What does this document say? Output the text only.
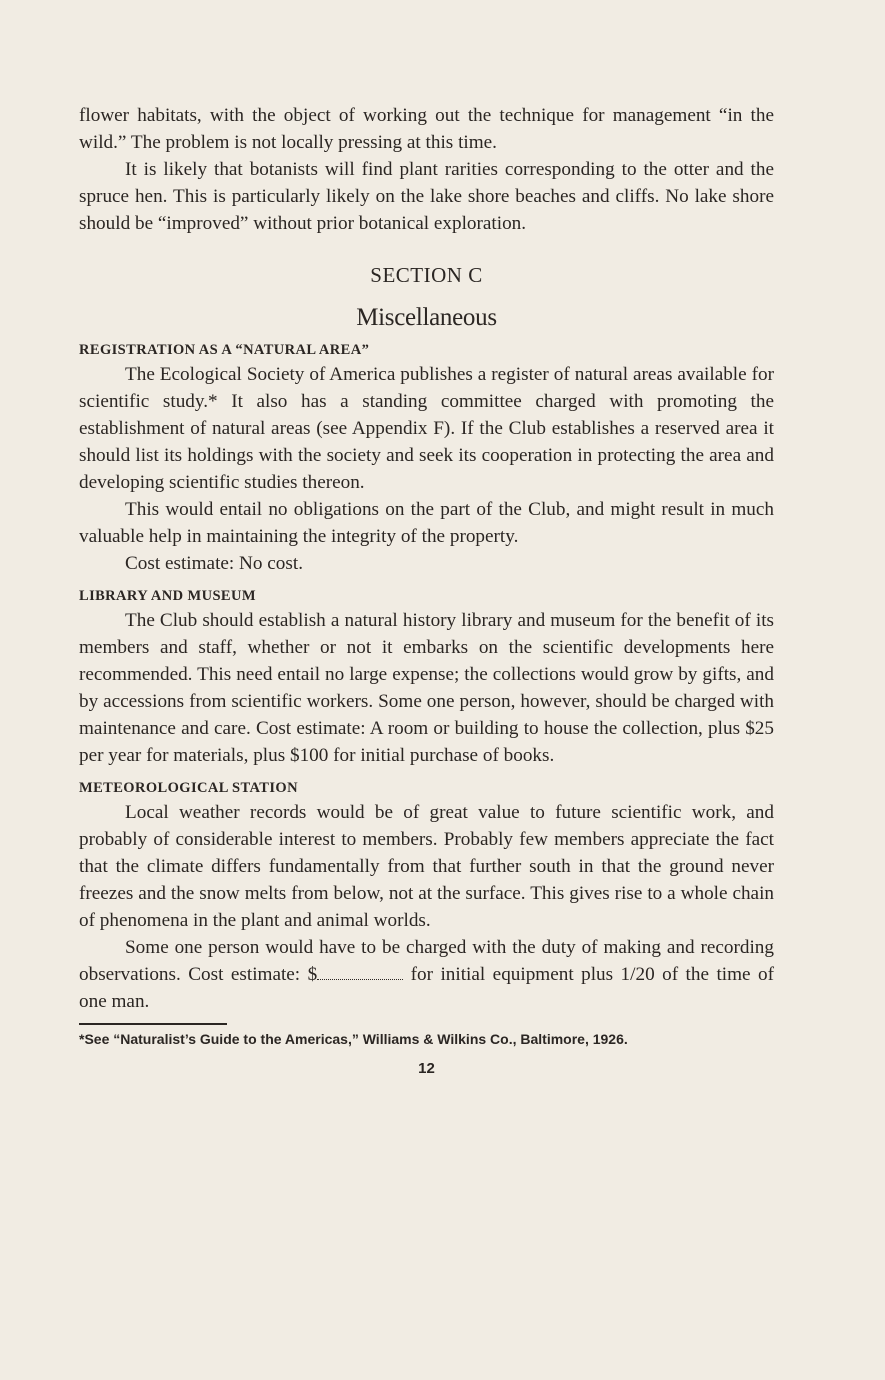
flower habitats, with the object of working out the technique for management “in the wild.” The problem is not locally pressing at this time.

It is likely that botanists will find plant rarities corresponding to the otter and the spruce hen. This is particularly likely on the lake shore beaches and cliffs. No lake shore should be “improved” without prior botanical exploration.

SECTION C
Miscellaneous
REGISTRATION AS A “NATURAL AREA”

The Ecological Society of America publishes a register of natural areas available for scientific study.* It also has a standing committee charged with promoting the establishment of natural areas (see Appendix F). If the Club establishes a reserved area it should list its holdings with the society and seek its cooperation in protecting the area and developing scientific studies thereon.

This would entail no obligations on the part of the Club, and might result in much valuable help in maintaining the integrity of the property.

Cost estimate: No cost.

LIBRARY AND MUSEUM

The Club should establish a natural history library and museum for the benefit of its members and staff, whether or not it embarks on the scientific developments here recommended. This need entail no large expense; the collections would grow by gifts, and by accessions from scientific workers. Some one person, however, should be charged with maintenance and care. Cost estimate: A room or building to house the collection, plus $25 per year for materials, plus $100 for initial purchase of books.

METEOROLOGICAL STATION

Local weather records would be of great value to future scientific work, and probably of considerable interest to members. Probably few members appreciate the fact that the climate differs fundamentally from that further south in that the ground never freezes and the snow melts from below, not at the surface. This gives rise to a whole chain of phenomena in the plant and animal worlds.

Some one person would have to be charged with the duty of making and recording observations. Cost estimate: $	for initial equipment plus 1/20 of the time of one man.

*See “Naturalist’s Guide to the Americas,” Williams & Wilkins Co., Baltimore, 1926.
12
